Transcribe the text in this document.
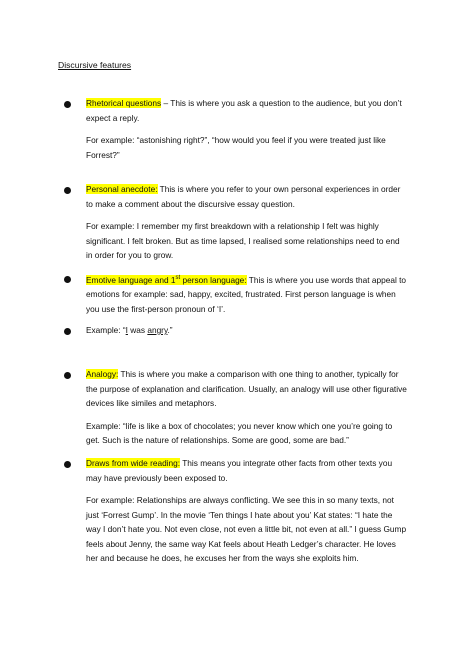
Discursive features

Rhetorical questions – This is where you ask a question to the audience, but you don’t expect a reply.

For example: “astonishing right?”, “how would you feel if you were treated just like Forrest?”

Personal anecdote: This is where you refer to your own personal experiences in order to make a comment about the discursive essay question.

For example: I remember my first breakdown with a relationship I felt was highly significant. I felt broken. But as time lapsed, I realised some relationships need to end in order for you to grow.

Emotive language and 1st person language: This is where you use words that appeal to emotions for example: sad, happy, excited, frustrated. First person language is when you use the first-person pronoun of ‘I’.

Example: “I was angry.”

Analogy: This is where you make a comparison with one thing to another, typically for the purpose of explanation and clarification. Usually, an analogy will use other figurative devices like similes and metaphors.

Example: “life is like a box of chocolates; you never know which one you’re going to get. Such is the nature of relationships. Some are good, some are bad.”

Draws from wide reading: This means you integrate other facts from other texts you may have previously been exposed to.

For example: Relationships are always conflicting. We see this in so many texts, not just ‘Forrest Gump’. In the movie ‘Ten things I hate about you’ Kat states: “I hate the way I don’t hate you. Not even close, not even a little bit, not even at all.” I guess Gump feels about Jenny, the same way Kat feels about Heath Ledger’s character. He loves her and because he does, he excuses her from the ways she exploits him.
